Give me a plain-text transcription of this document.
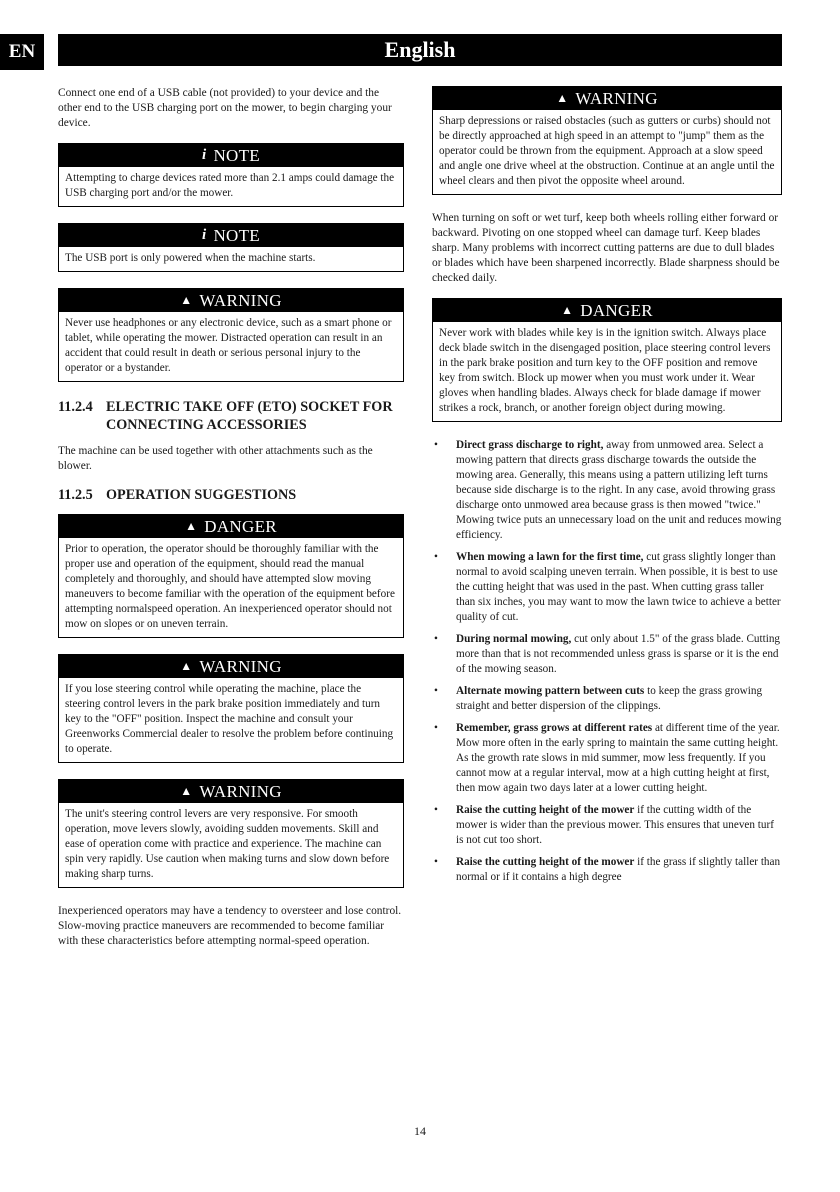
EN	English

Connect one end of a USB cable (not provided) to your device and the other end to the USB charging port on the mower, to begin charging your device.

i NOTE
Attempting to charge devices rated more than 2.1 amps could damage the USB charging port and/or the mower.
i NOTE
The USB port is only powered when the machine starts.
▲ WARNING
Never use headphones or any electronic device, such as a smart phone or tablet, while operating the mower. Distracted operation can result in an accident that could result in death or serious personal injury to the operator or a bystander.
11.2.4 ELECTRIC TAKE OFF (ETO) SOCKET FOR CONNECTING ACCESSORIES

The machine can be used together with other attachments such as the blower.

11.2.5 OPERATION SUGGESTIONS
▲ DANGER
Prior to operation, the operator should be thoroughly familiar with the proper use and operation of the equipment, should read the manual completely and thoroughly, and should have attempted slow moving maneuvers to become familiar with the operation of the equipment before attempting normalspeed operation. An inexperienced operator should not mow on slopes or on uneven terrain.
▲ WARNING
If you lose steering control while operating the machine, place the steering control levers in the park brake position immediately and turn key to the "OFF" position. Inspect the machine and consult your Greenworks Commercial dealer to resolve the problem before continuing to operate.
▲ WARNING
The unit's steering control levers are very responsive. For smooth operation, move levers slowly, avoiding sudden movements. Skill and ease of operation come with practice and experience. The machine can spin very rapidly. Use caution when making turns and slow down before making sharp turns.

Inexperienced operators may have a tendency to oversteer and lose control. Slow-moving practice maneuvers are recommended to become familiar with these characteristics before attempting normal-speed operation.

▲ WARNING
Sharp depressions or raised obstacles (such as gutters or curbs) should not be directly approached at high speed in an attempt to "jump" them as the operator could be thrown from the equipment. Approach at a slow speed and angle one drive wheel at the obstruction. Continue at an angle until the wheel clears and then pivot the opposite wheel around.

When turning on soft or wet turf, keep both wheels rolling either forward or backward. Pivoting on one stopped wheel can damage turf. Keep blades sharp. Many problems with incorrect cutting patterns are due to dull blades or blades which have been sharpened incorrectly. Blade sharpness should be checked daily.

▲ DANGER
Never work with blades while key is in the ignition switch. Always place deck blade switch in the disengaged position, place steering control levers in the park brake position and turn key to the OFF position and remove key from switch. Block up mower when you must work under it. Wear gloves when handling blades. Always check for blade damage if mower strikes a rock, branch, or another foreign object during mowing.
• Direct grass discharge to right, away from unmowed area. Select a mowing pattern that directs grass discharge towards the outside the mowing area. Generally, this means using a pattern utilizing left turns because side discharge is to the right. In any case, avoid throwing grass discharge onto unmowed area because grass is then mowed "twice." Mowing twice puts an unnecessary load on the unit and reduces mowing efficiency.
• When mowing a lawn for the first time, cut grass slightly longer than normal to avoid scalping uneven terrain. When possible, it is best to use the cutting height that was used in the past. When cutting grass taller than six inches, you may want to mow the lawn twice to achieve a better quality of cut.
• During normal mowing, cut only about 1.5" of the grass blade. Cutting more than that is not recommended unless grass is sparse or it is the end of the mowing season.
• Alternate mowing pattern between cuts to keep the grass growing straight and better dispersion of the clippings.
• Remember, grass grows at different rates at different time of the year. Mow more often in the early spring to maintain the same cutting height. As the growth rate slows in mid summer, mow less frequently. If you cannot mow at a regular interval, mow at a high cutting height at first, then mow again two days later at a lower cutting height.
• Raise the cutting height of the mower if the cutting width of the mower is wider than the previous mower. This ensures that uneven turf is not cut too short.
• Raise the cutting height of the mower if the grass if slightly taller than normal or if it contains a high degree
14
